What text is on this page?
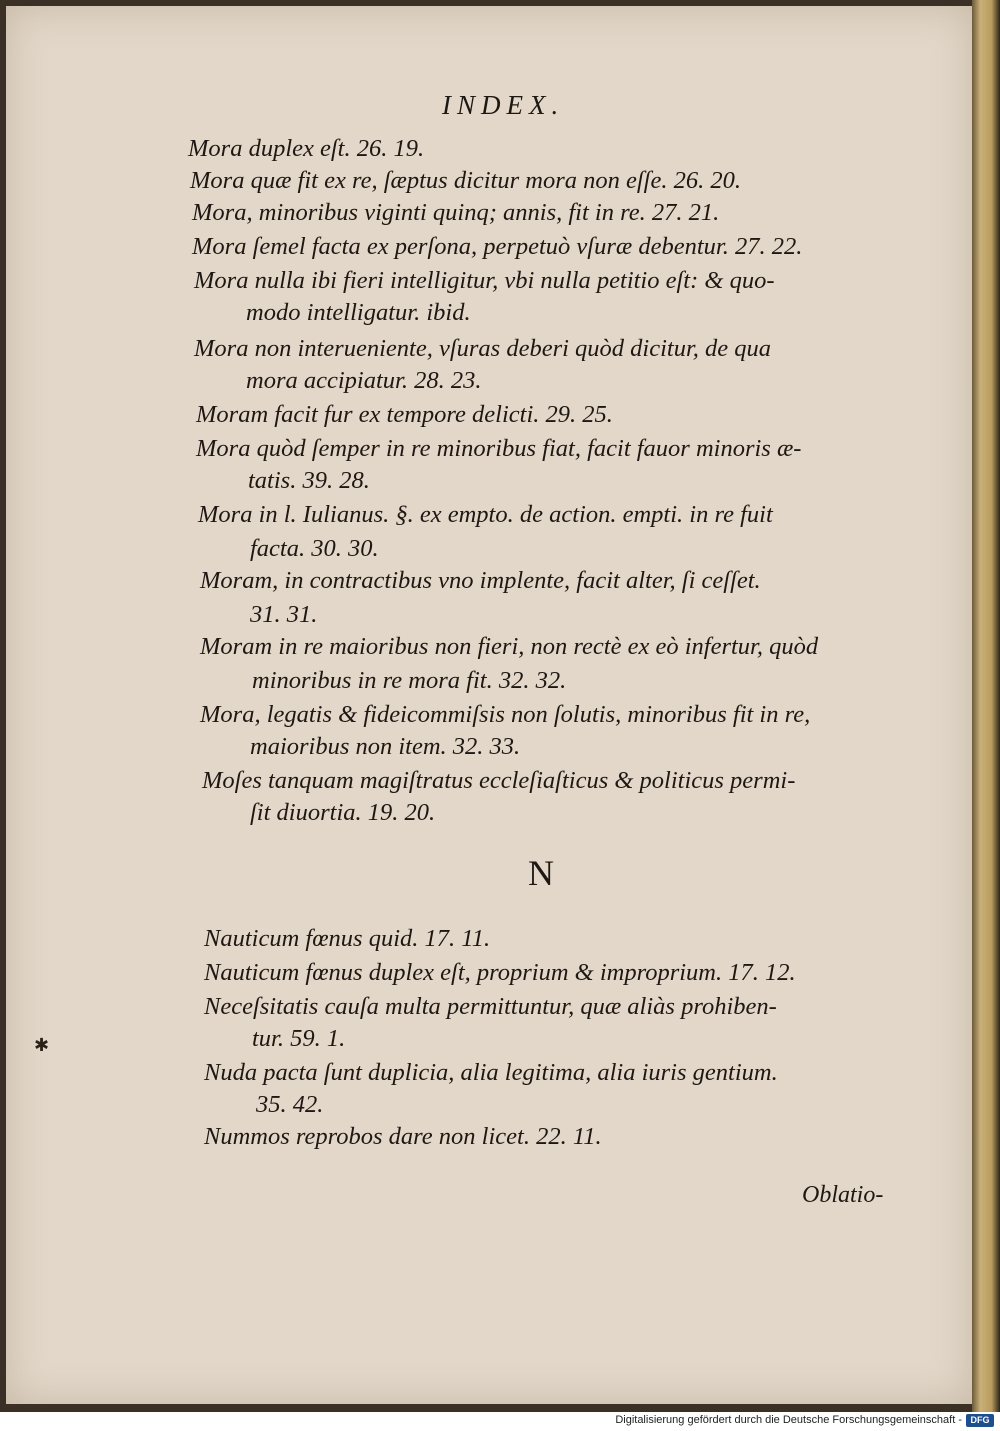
INDEX.
Mora duplex eſt. 26. 19.
Mora quæ fit ex re, ſæptus dicitur mora non eſſe. 26. 20.
Mora, minoribus viginti quinq; annis, fit in re. 27. 21.
Mora ſemel facta ex perſona, perpetuò vſuræ debentur. 27. 22.
Mora nulla ibi fieri intelligitur, vbi nulla petitio eſt: & quo-
modo intelligatur. ibid.
Mora non interueniente, vſuras deberi quòd dicitur, de qua
mora accipiatur. 28. 23.
Moram facit fur ex tempore delicti. 29. 25.
Mora quòd ſemper in re minoribus fiat, facit fauor minoris æ-
tatis. 39. 28.
Mora in l. Iulianus. §. ex empto. de action. empti. in re fuit
facta. 30. 30.
Moram, in contractibus vno implente, facit alter, ſi ceſſet.
31. 31.
Moram in re maioribus non fieri, non rectè ex eò infertur, quòd
minoribus in re mora fit. 32. 32.
Mora, legatis & fideicommiſsis non ſolutis, minoribus fit in re,
maioribus non item. 32. 33.
Moſes tanquam magiſtratus eccleſiaſticus & politicus permi-
ſit diuortia. 19. 20.
N
Nauticum fœnus quid. 17. 11.
Nauticum fœnus duplex eſt, proprium & improprium. 17. 12.
Neceſsitatis cauſa multa permittuntur, quæ aliàs prohiben-
tur. 59. 1.
Nuda pacta ſunt duplicia, alia legitima, alia iuris gentium.
35. 42.
Nummos reprobos dare non licet. 22. 11.
Oblatio-
✱
Digitalisierung gefördert durch die Deutsche Forschungsgemeinschaft - DFG
